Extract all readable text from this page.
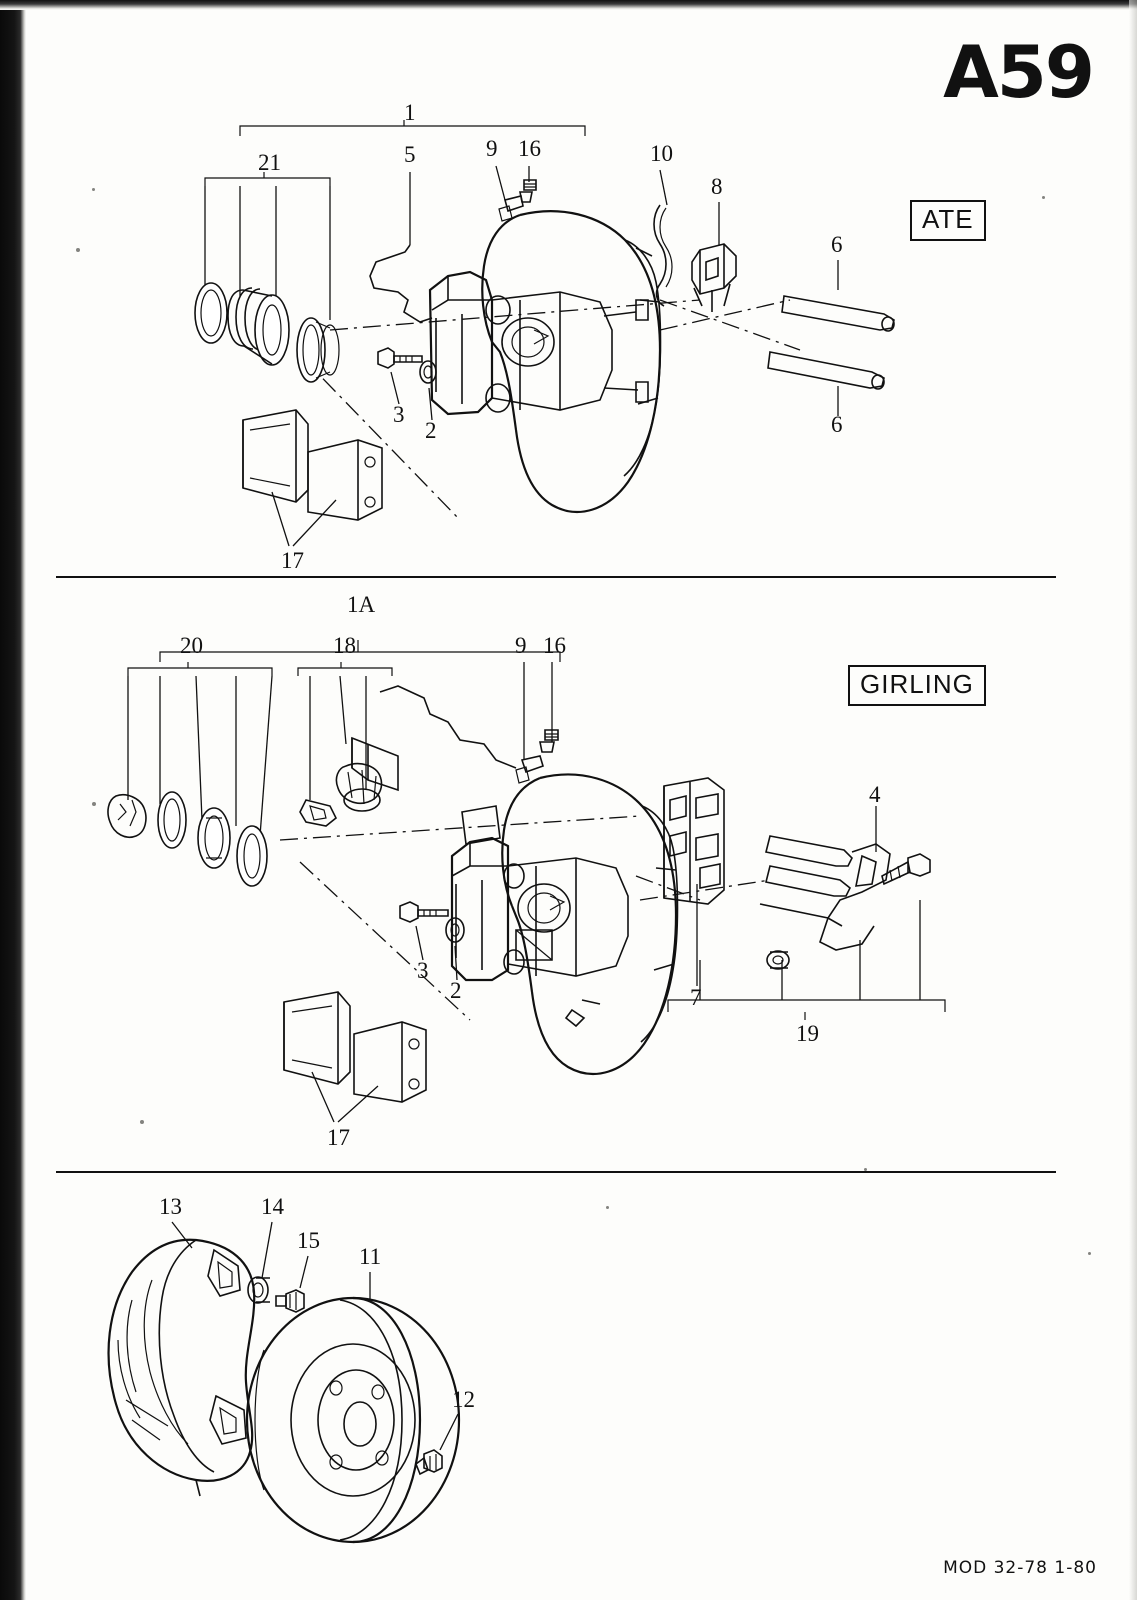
A59
ATE
GIRLING
1
21	5	9 16	10
8
6
6
3
2
17
1A
20	18	9 16
4
3
2	7
19
17
13	14
15
11
12
MOD 32-78 1-80
